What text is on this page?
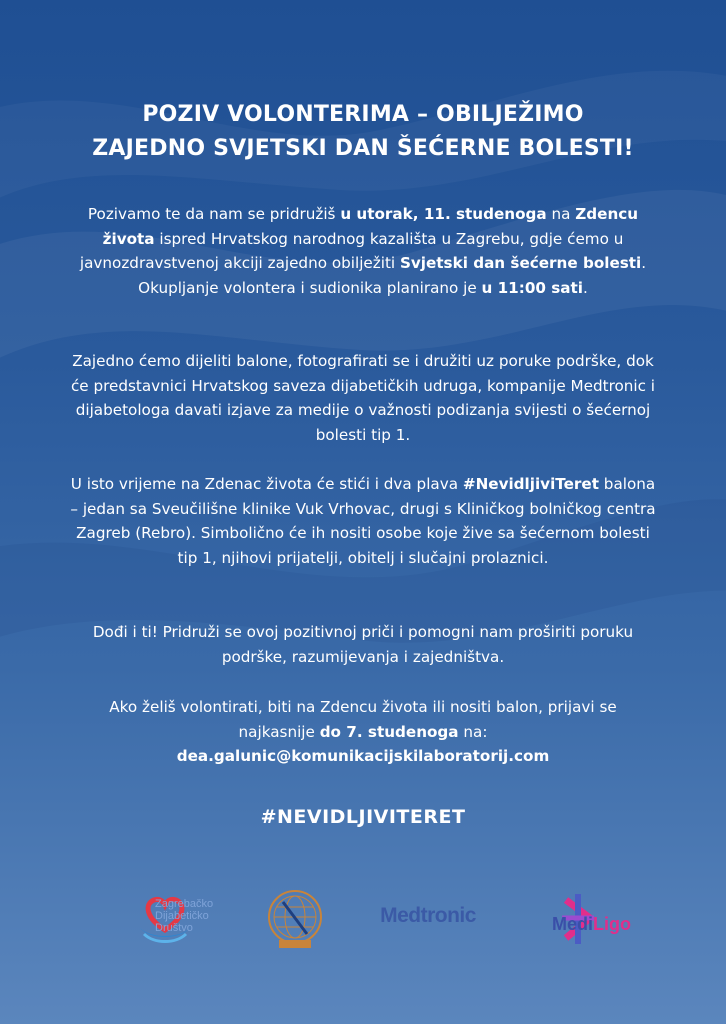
POZIV VOLONTERIMA – OBILJEŽIMO
ZAJEDNO SVJETSKI DAN ŠEĆERNE BOLESTI!
Pozivamo te da nam se pridružiš u utorak, 11. studenoga na Zdencu života ispred Hrvatskog narodnog kazališta u Zagrebu, gdje ćemo u javnozdravstvenoj akciji zajedno obilježiti Svjetski dan šećerne bolesti. Okupljanje volontera i sudionika planirano je u 11:00 sati.
Zajedno ćemo dijeliti balone, fotografirati se i družiti uz poruke podrške, dok će predstavnici Hrvatskog saveza dijabetičkih udruga, kompanije Medtronic i dijabetologa davati izjave za medije o važnosti podizanja svijesti o šećernoj bolesti tip 1.
U isto vrijeme na Zdenac života će stići i dva plava #NevidljiviTeret balona – jedan sa Sveučilišne klinike Vuk Vrhovac, drugi s Kliničkog bolničkog centra Zagreb (Rebro). Simbolično će ih nositi osobe koje žive sa šećernom bolesti tip 1, njihovi prijatelji, obitelj i slučajni prolaznici.
Dođi i ti! Pridruži se ovoj pozitivnoj priči i pomogni nam proširiti poruku podrške, razumijevanja i zajedništva.
Ako želiš volontirati, biti na Zdencu života ili nositi balon, prijavi se najkasnije do 7. studenoga na:
dea.galunic@komunikacijskilaboratorij.com
#NEVIDLJIVITERET
Zagrebačko
Dijabetičko
Društvo
Medtronic	MediLigo
